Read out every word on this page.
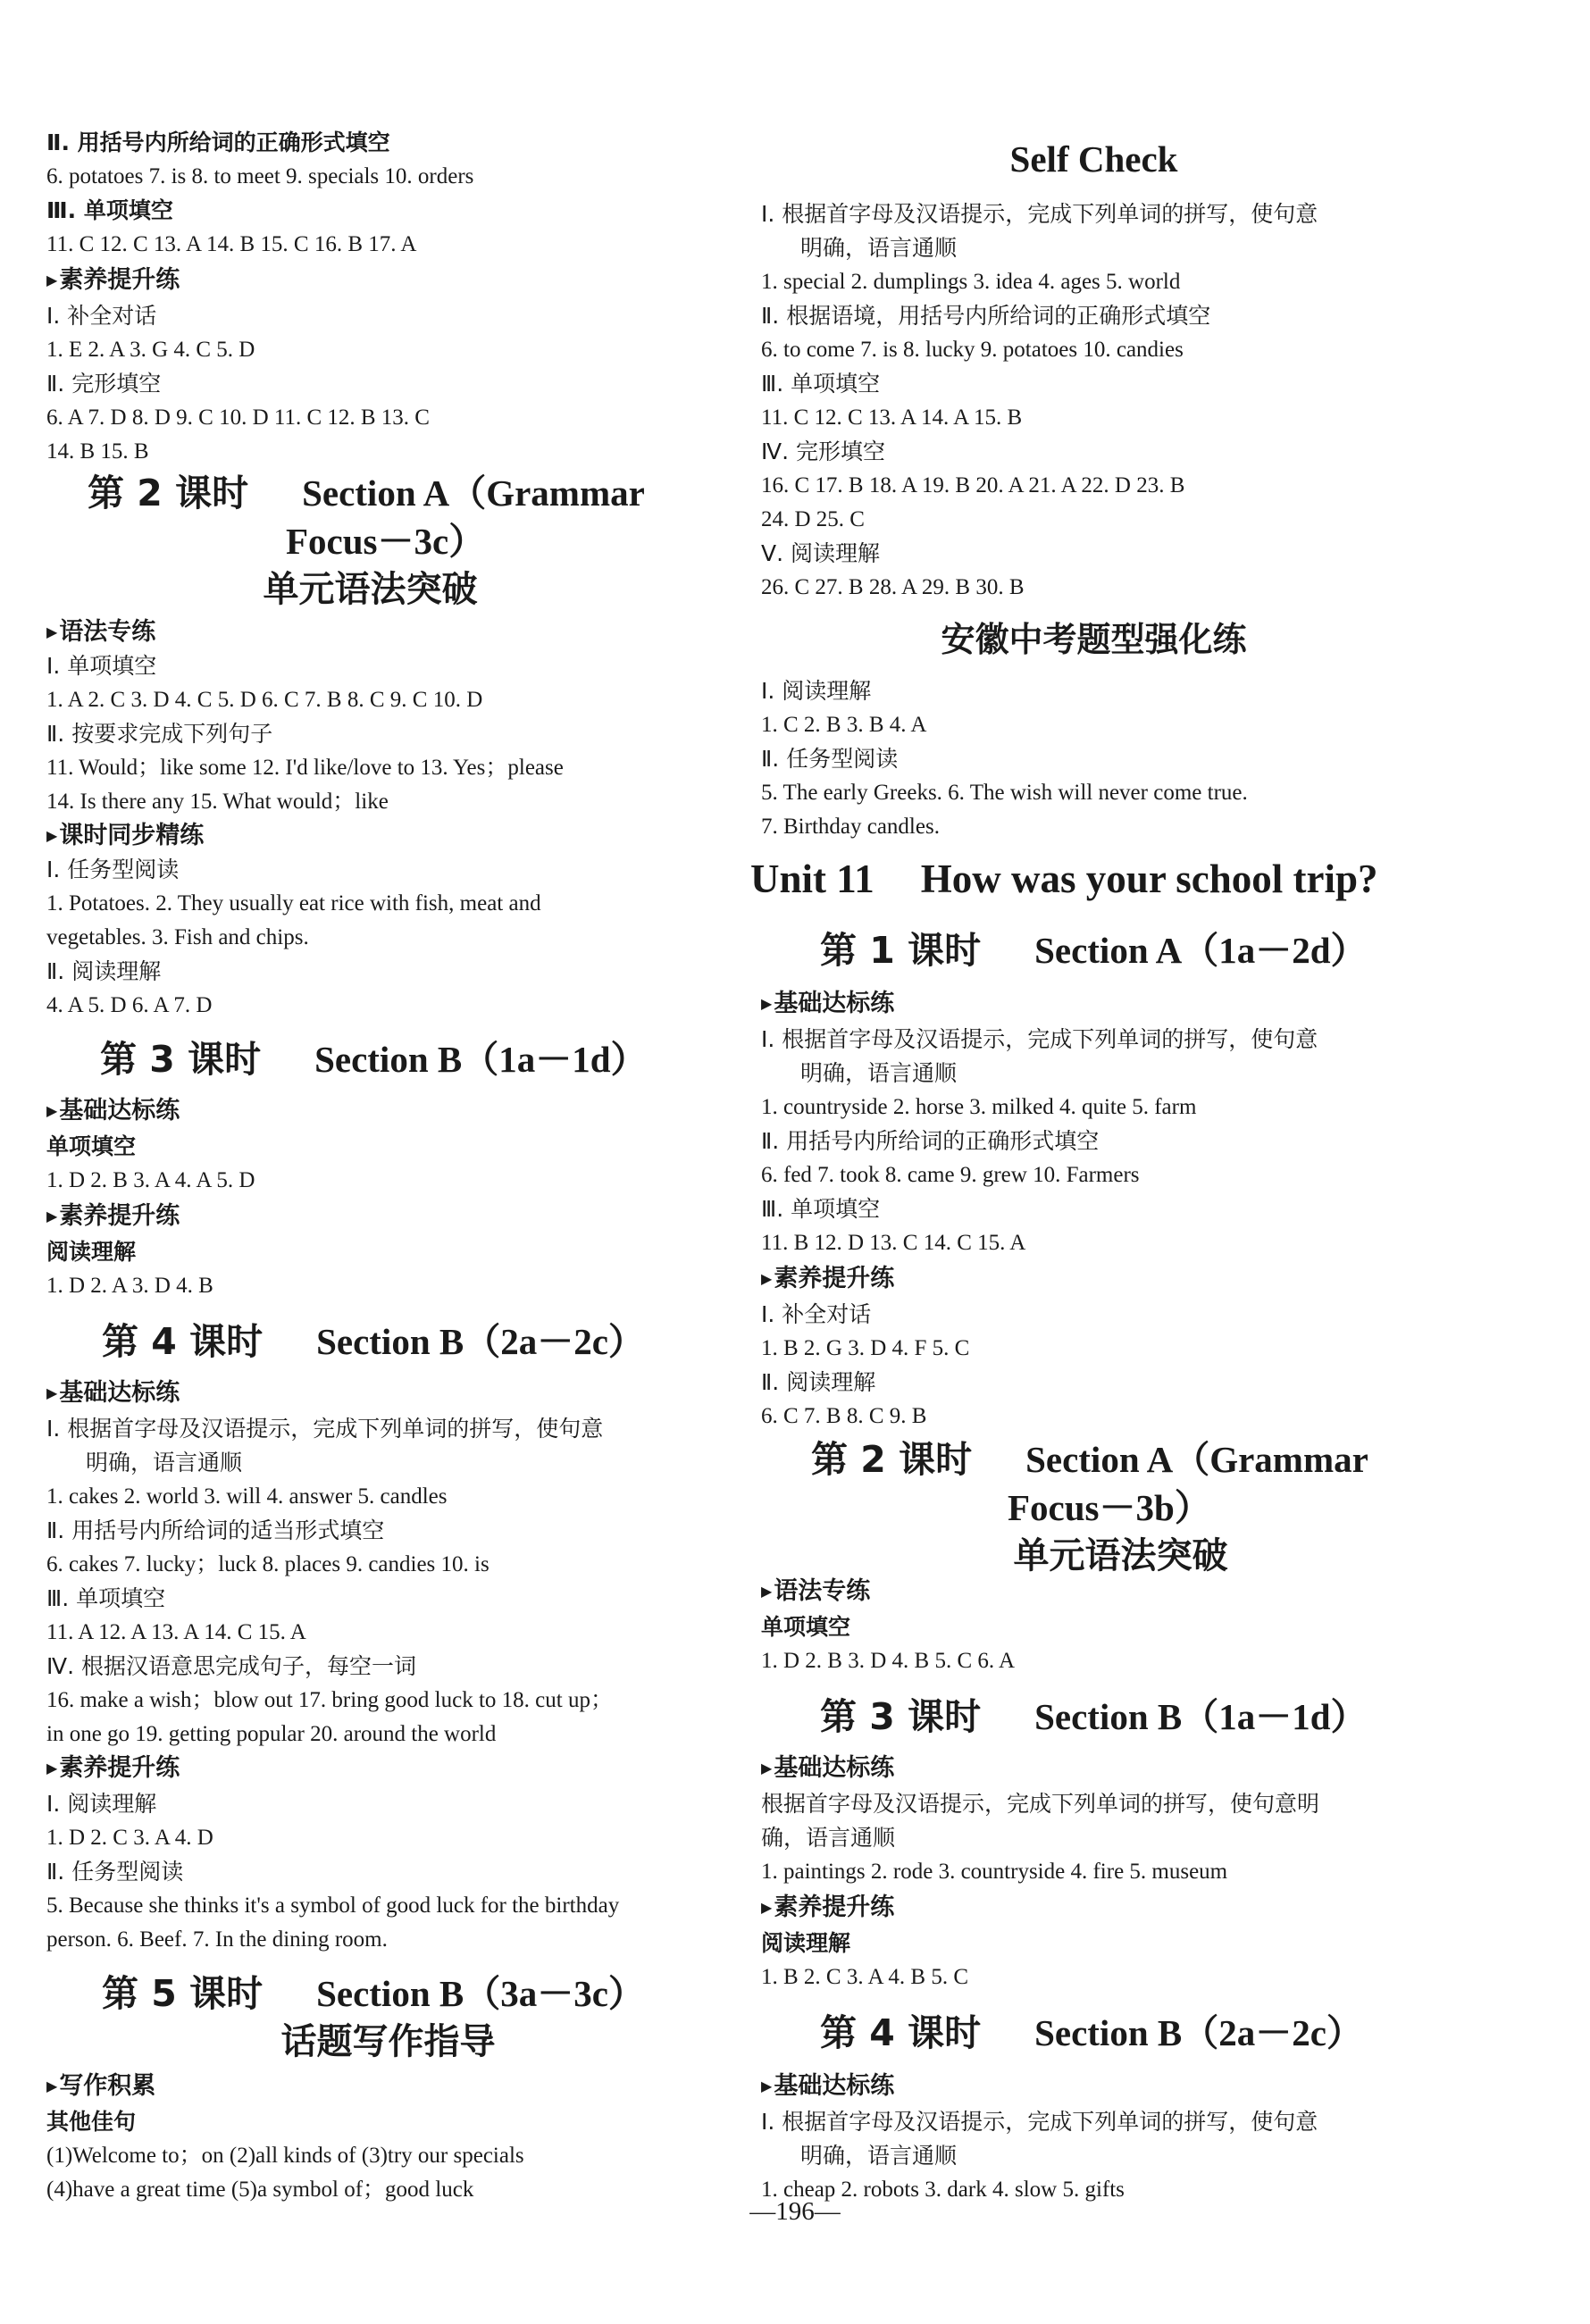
Ⅱ. 用括号内所给词的正确形式填空
6. potatoes 7. is 8. to meet 9. specials 10. orders
Ⅲ. 单项填空
11. C 12. C 13. A 14. B 15. C 16. B 17. A
▶素养提升练
Ⅰ. 补全对话
1. E 2. A 3. G 4. C 5. D
Ⅱ. 完形填空
6. A 7. D 8. D 9. C 10. D 11. C 12. B 13. C
14. B 15. B
第 2 课时 Section A（Grammar
Focus－3c）
单元语法突破
▶语法专练
Ⅰ. 单项填空
1. A 2. C 3. D 4. C 5. D 6. C 7. B 8. C 9. C 10. D
Ⅱ. 按要求完成下列句子
11. Would；like some 12. I'd like/love to 13. Yes；please
14. Is there any 15. What would；like
▶课时同步精练
Ⅰ. 任务型阅读
1. Potatoes. 2. They usually eat rice with fish, meat and
vegetables. 3. Fish and chips.
Ⅱ. 阅读理解
4. A 5. D 6. A 7. D
第 3 课时 Section B（1a－1d）
▶基础达标练
单项填空
1. D 2. B 3. A 4. A 5. D
▶素养提升练
阅读理解
1. D 2. A 3. D 4. B
第 4 课时 Section B（2a－2c）
▶基础达标练
Ⅰ. 根据首字母及汉语提示，完成下列单词的拼写，使句意
明确，语言通顺
1. cakes 2. world 3. will 4. answer 5. candles
Ⅱ. 用括号内所给词的适当形式填空
6. cakes 7. lucky；luck 8. places 9. candies 10. is
Ⅲ. 单项填空
11. A 12. A 13. A 14. C 15. A
Ⅳ. 根据汉语意思完成句子，每空一词
16. make a wish；blow out 17. bring good luck to 18. cut up；
in one go 19. getting popular 20. around the world
▶素养提升练
Ⅰ. 阅读理解
1. D 2. C 3. A 4. D
Ⅱ. 任务型阅读
5. Because she thinks it's a symbol of good luck for the birthday
person. 6. Beef. 7. In the dining room.
第 5 课时 Section B（3a－3c）
话题写作指导
▶写作积累
其他佳句
(1)Welcome to；on (2)all kinds of (3)try our specials
(4)have a great time (5)a symbol of；good luck
Self Check
Ⅰ. 根据首字母及汉语提示，完成下列单词的拼写，使句意
明确，语言通顺
1. special 2. dumplings 3. idea 4. ages 5. world
Ⅱ. 根据语境，用括号内所给词的正确形式填空
6. to come 7. is 8. lucky 9. potatoes 10. candies
Ⅲ. 单项填空
11. C 12. C 13. A 14. A 15. B
Ⅳ. 完形填空
16. C 17. B 18. A 19. B 20. A 21. A 22. D 23. B
24. D 25. C
Ⅴ. 阅读理解
26. C 27. B 28. A 29. B 30. B
安徽中考题型强化练
Ⅰ. 阅读理解
1. C 2. B 3. B 4. A
Ⅱ. 任务型阅读
5. The early Greeks. 6. The wish will never come true.
7. Birthday candles.
Unit 11 How was your school trip?
第 1 课时 Section A（1a－2d）
▶基础达标练
Ⅰ. 根据首字母及汉语提示，完成下列单词的拼写，使句意
明确，语言通顺
1. countryside 2. horse 3. milked 4. quite 5. farm
Ⅱ. 用括号内所给词的正确形式填空
6. fed 7. took 8. came 9. grew 10. Farmers
Ⅲ. 单项填空
11. B 12. D 13. C 14. C 15. A
▶素养提升练
Ⅰ. 补全对话
1. B 2. G 3. D 4. F 5. C
Ⅱ. 阅读理解
6. C 7. B 8. C 9. B
第 2 课时 Section A（Grammar
Focus－3b）
单元语法突破
▶语法专练
单项填空
1. D 2. B 3. D 4. B 5. C 6. A
第 3 课时 Section B（1a－1d）
▶基础达标练
根据首字母及汉语提示，完成下列单词的拼写，使句意明
确，语言通顺
1. paintings 2. rode 3. countryside 4. fire 5. museum
▶素养提升练
阅读理解
1. B 2. C 3. A 4. B 5. C
第 4 课时 Section B（2a－2c）
▶基础达标练
Ⅰ. 根据首字母及汉语提示，完成下列单词的拼写，使句意
明确，语言通顺
1. cheap 2. robots 3. dark 4. slow 5. gifts
—196—
